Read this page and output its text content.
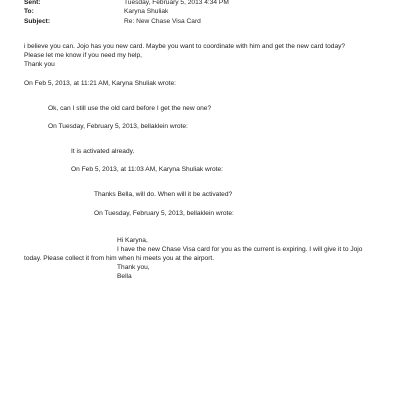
Sent:	Tuesday, February 5, 2013 4:34 PM
To:	Karyna Shuliak
Subject:	Re: New Chase Visa Card
i believe you can. Jojo has you new card. Maybe you want to coordinate with him and get the new card today?
Please let me know if you need my help,
Thank you
On Feb 5, 2013, at 11:21 AM, Karyna Shuliak wrote:
Ok, can I still use the old card before I get the new one?
On Tuesday, February 5, 2013, bellaklein wrote:
It is activated already.
On Feb 5, 2013, at 11:03 AM, Karyna Shuliak wrote:
Thanks Bella, will do. When will it be activated?
On Tuesday, February 5, 2013, bellaklein wrote:
Hi Karyna,
I have the new Chase Visa card for you as the current is expiring. I will give it to Jojo
today. Please collect it from him when hi meets you at the airport.
Thank you,
Bella
